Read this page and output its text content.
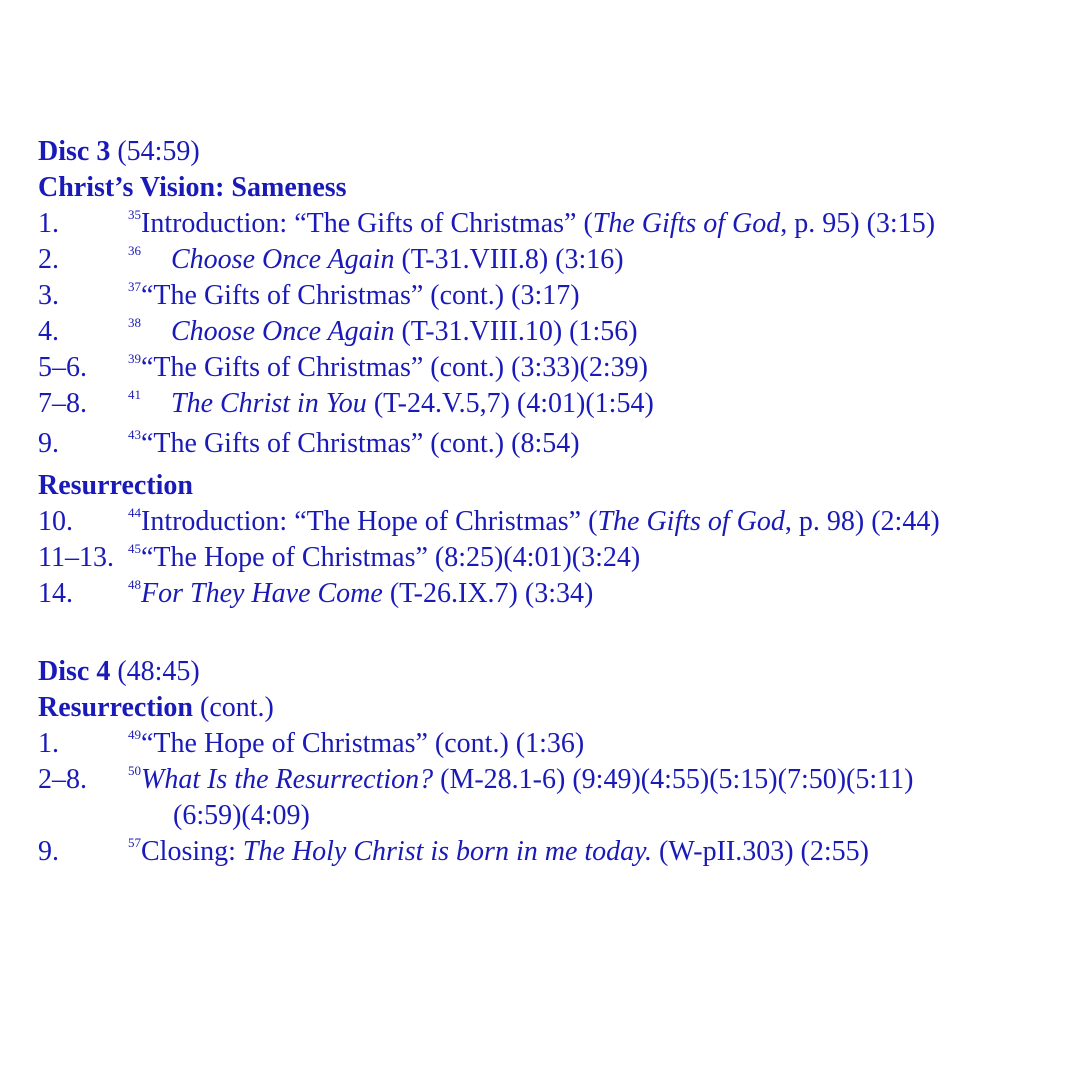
Disc 3 (54:59)
Christ’s Vision: Sameness
1.	$^{35}$Introduction: “The Gifts of Christmas” (The Gifts of God, p. 95) (3:15)
2.	$^{36}$ Choose Once Again (T-31.VIII.8) (3:16)
3.	$^{37}$“The Gifts of Christmas” (cont.) (3:17)
4.	$^{38}$ Choose Once Again (T-31.VIII.10) (1:56)
5–6.	$^{39}$“The Gifts of Christmas” (cont.) (3:33)(2:39)
7–8.	$^{41}$ The Christ in You (T-24.V.5,7) (4:01)(1:54)
9.	$^{43}$“The Gifts of Christmas” (cont.) (8:54)
Resurrection
10.	$^{44}$Introduction: “The Hope of Christmas” (The Gifts of God, p. 98) (2:44)
11–13. $^{45}$“The Hope of Christmas” (8:25)(4:01)(3:24)
14.	$^{48}$For They Have Come (T-26.IX.7) (3:34)
Disc 4 (48:45)
Resurrection (cont.)
1.	$^{49}$“The Hope of Christmas” (cont.) (1:36)
2–8.	$^{50}$What Is the Resurrection? (M-28.1-6) (9:49)(4:55)(5:15)(7:50)(5:11)
(6:59)(4:09)
9.	$^{57}$Closing: The Holy Christ is born in me today. (W-pII.303) (2:55)
